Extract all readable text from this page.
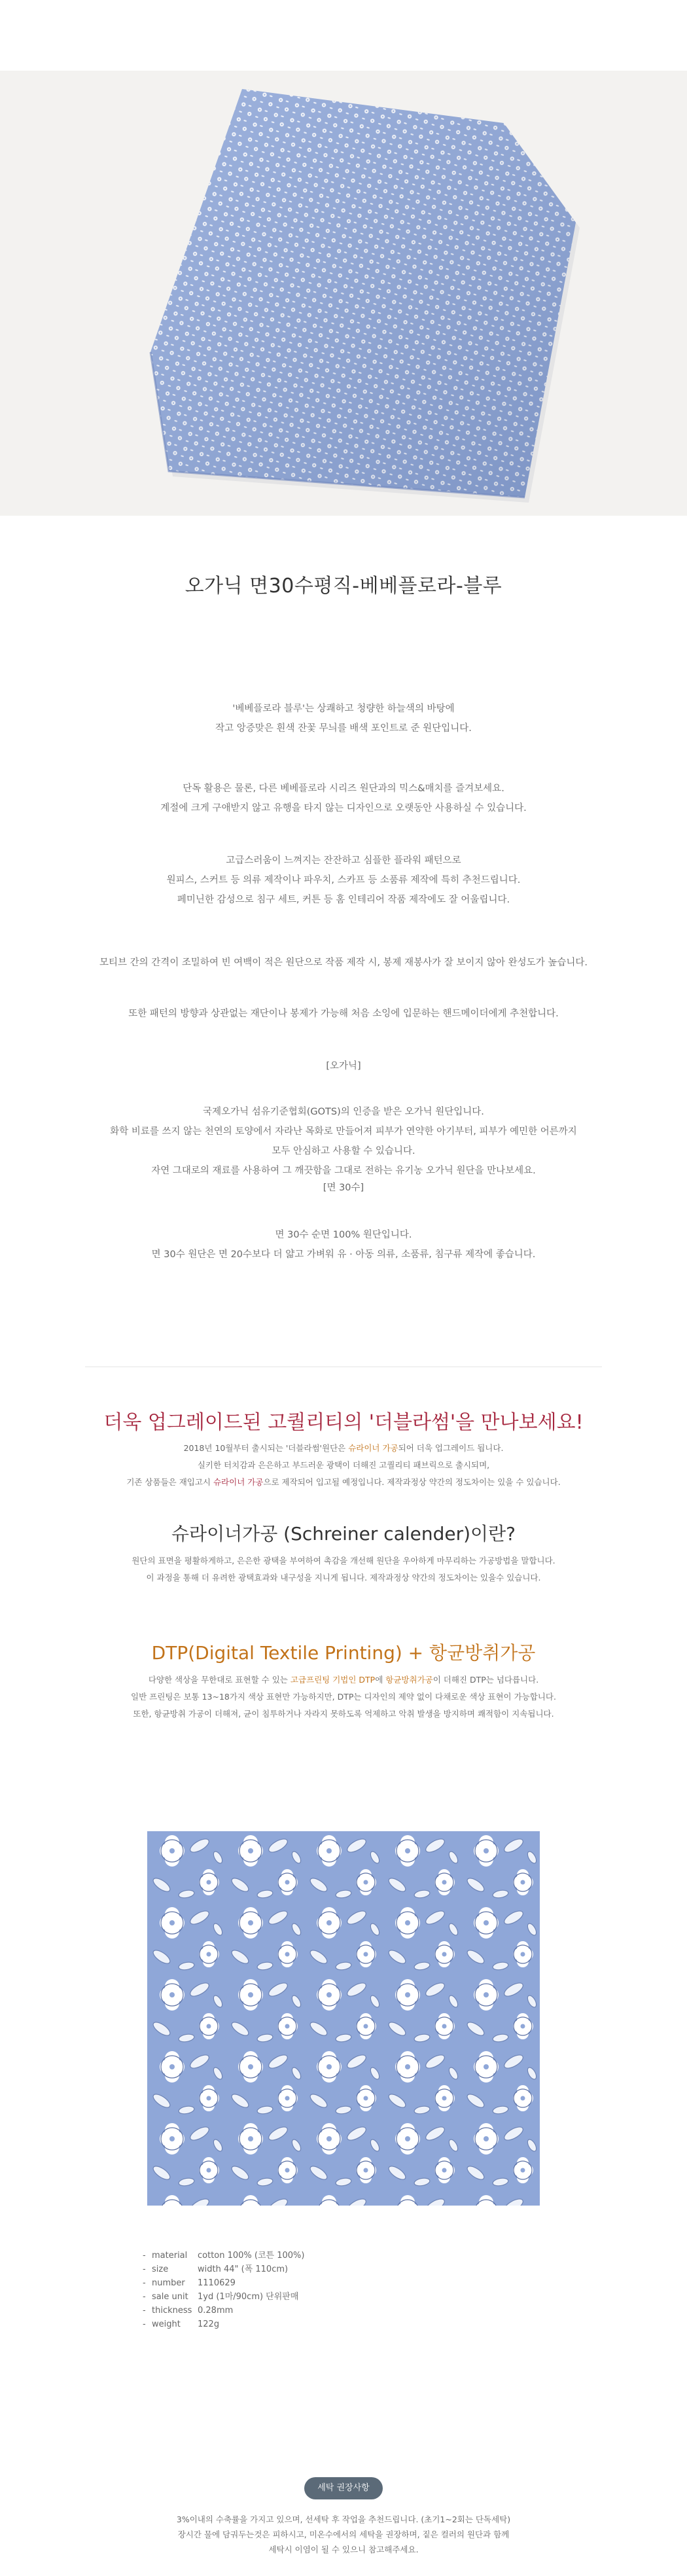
오가닉 면30수평직-베베플로라-블루

'베베플로라 블루'는 상쾌하고 청량한 하늘색의 바탕에

작고 앙증맞은 흰색 잔꽃 무늬를 배색 포인트로 준 원단입니다.

단독 활용은 물론, 다른 베베플로라 시리즈 원단과의 믹스&매치를 즐겨보세요.

계절에 크게 구애받지 않고 유행을 타지 않는 디자인으로 오랫동안 사용하실 수 있습니다.

고급스러움이 느껴지는 잔잔하고 심플한 플라워 패턴으로

원피스, 스커트 등 의류 제작이나 파우치, 스카프 등 소품류 제작에 특히 추천드립니다.

페미닌한 감성으로 침구 세트, 커튼 등 홈 인테리어 작품 제작에도 잘 어울립니다.

모티브 간의 간격이 조밀하여 빈 여백이 적은 원단으로 작품 제작 시, 봉제 재봉사가 잘 보이지 않아 완성도가 높습니다.

또한 패턴의 방향과 상관없는 재단이나 봉제가 가능해 처음 소잉에 입문하는 핸드메이더에게 추천합니다.

[오가닉]

국제오가닉 섬유기준협회(GOTS)의 인증을 받은 오가닉 원단입니다.

화학 비료를 쓰지 않는 천연의 토양에서 자라난 목화로 만들어져 피부가 연약한 아기부터, 피부가 예민한 어른까지

모두 안심하고 사용할 수 있습니다.

자연 그대로의 재료를 사용하여 그 깨끗함을 그대로 전하는 유기농 오가닉 원단을 만나보세요.

[면 30수]

면 30수 순면 100% 원단입니다.

면 30수 원단은 면 20수보다 더 얇고 가벼워 유 · 아동 의류, 소품류, 침구류 제작에 좋습니다.

더욱 업그레이드된 고퀄리티의 '더블라썸'을 만나보세요!

2018년 10월부터 출시되는 '더블라썸'원단은 슈라이너 가공되어 더욱 업그레이드 됩니다.

실키한 터치감과 은은하고 부드러운 광택이 더해진 고퀄리티 패브릭으로 출시되며,

기존 상품들은 재입고시 슈라이너 가공으로 제작되어 입고될 예정입니다. 제작과정상 약간의 정도차이는 있을 수 있습니다.

슈라이너가공 (Schreiner calender)이란?

원단의 표면을 평활하게하고, 은은한 광택을 부여하여 촉감을 개선해 원단을 우아하게 마무리하는 가공방법을 말합니다.

이 과정을 통해 더 유려한 광택효과와 내구성을 지니게 됩니다. 제작과정상 약간의 정도차이는 있을수 있습니다.

DTP(Digital Textile Printing) + 항균방취가공

다양한 색상을 무한대로 표현할 수 있는 고급프린팅 기법인 DTP에 항균방취가공이 더해진 DTP는 넘다릅니다.

일반 프린팅은 보통 13~18가지 색상 표현만 가능하지만, DTP는 디자인의 제약 없이 다채로운 색상 표현이 가능합니다.

또한, 항균방취 가공이 더해져, 균이 침투하거나 자라지 못하도록 억제하고 악취 발생을 방지하며 쾌적함이 지속됩니다.

- material	cotton 100% (코튼 100%)
- size	width 44" (폭 110cm)
- number	1110629
- sale unit	1yd (1마/90cm) 단위판매
- thickness 0.28mm
- weight	122g
세탁 권장사항

3%이내의 수축률을 가지고 있으며, 선세탁 후 작업을 추천드립니다. (초기1~2회는 단독세탁)

장시간 물에 담궈두는것은 피하시고, 미온수에서의 세탁을 권장하며, 짙은 컬러의 원단과 함께

세탁시 이염이 될 수 있으니 참고해주세요.
